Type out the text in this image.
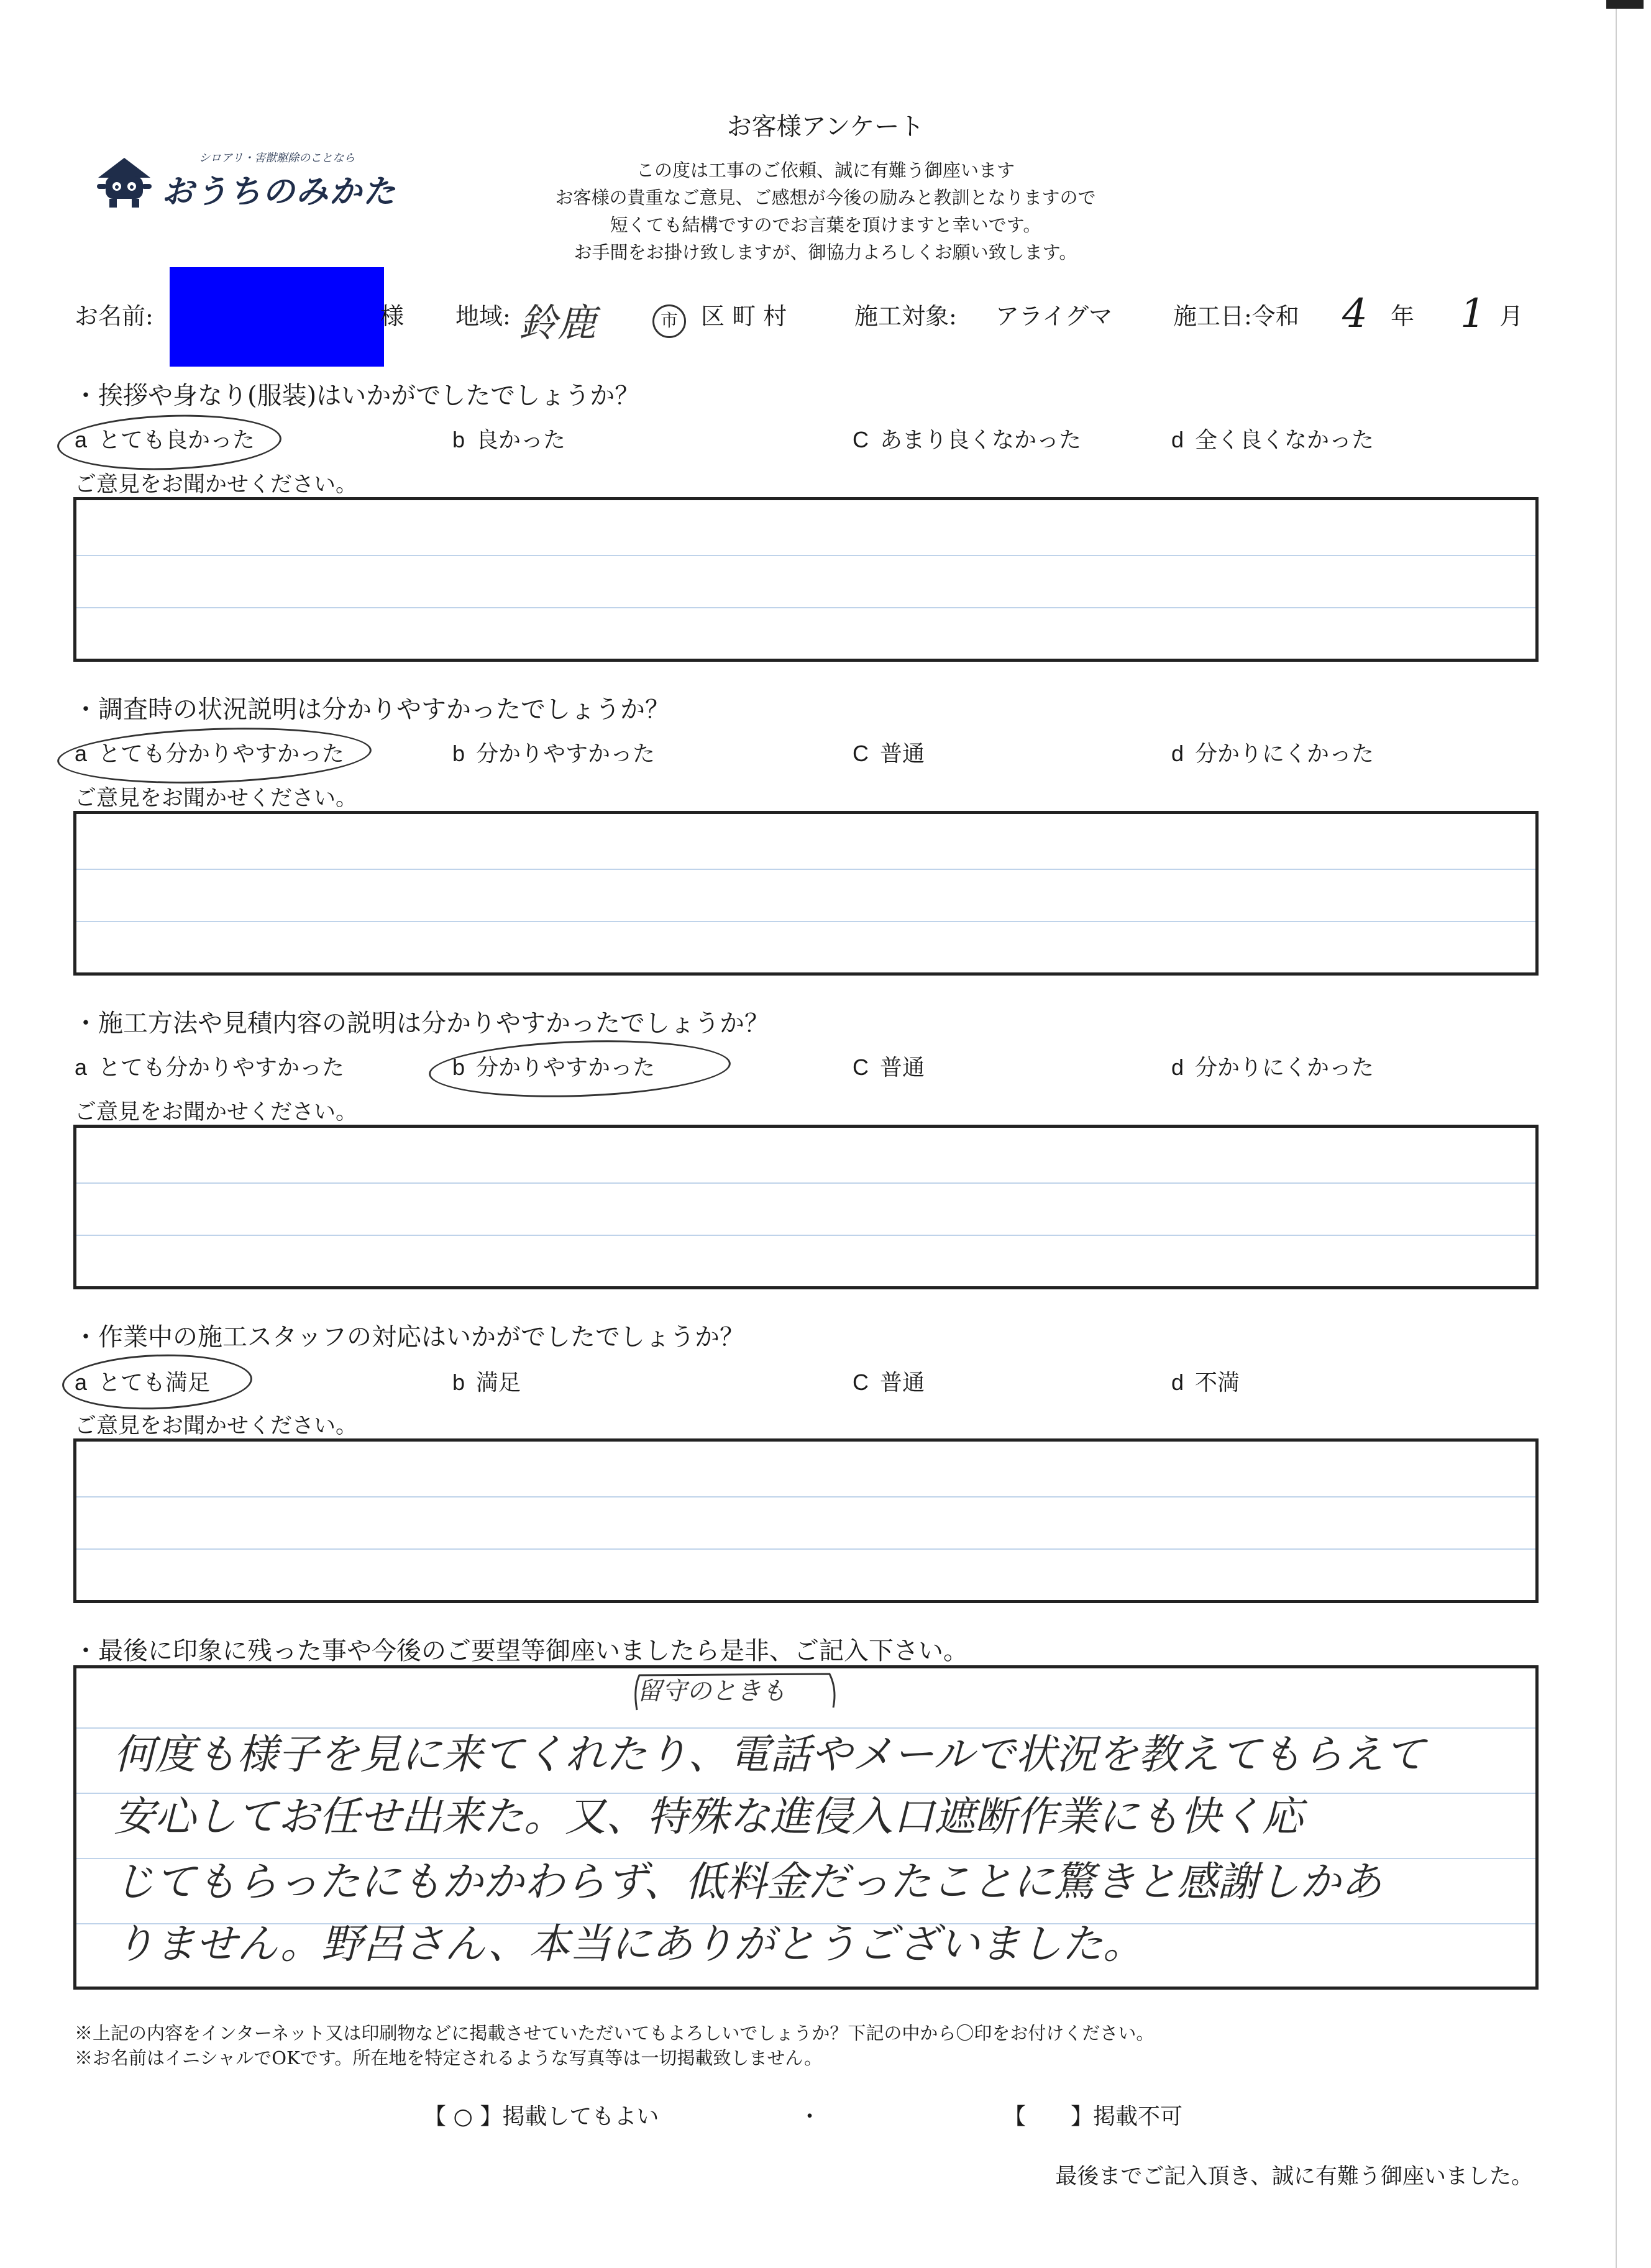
シロアリ・害獣駆除のことなら
おうちのみかた
お客様アンケート
この度は工事のご依頼、誠に有難う御座います
お客様の貴重なご意見、ご感想が今後の励みと教訓となりますので
短くても結構ですのでお言葉を頂けますと幸いです。
お手間をお掛け致しますが、御協力よろしくお願い致します。
お名前:	様 地域: 鈴鹿	市 区 町 村	施工対象: アライグマ	施工日:令和 4 年 1 月
・挨拶や身なり(服装)はいかがでしたでしょうか？
a とても良かった	b 良かった	C あまり良くなかった	d 全く良くなかった
ご意見をお聞かせください。
・調査時の状況説明は分かりやすかったでしょうか？
a とても分かりやすかった	b 分かりやすかった	C 普通	d 分かりにくかった
ご意見をお聞かせください。
・施工方法や見積内容の説明は分かりやすかったでしょうか？
a とても分かりやすかった	b 分かりやすかった	C 普通	d 分かりにくかった
ご意見をお聞かせください。
・作業中の施工スタッフの対応はいかがでしたでしょうか？
a とても満足	b 満足	C 普通	d 不満
ご意見をお聞かせください。
・最後に印象に残った事や今後のご要望等御座いましたら是非、ご記入下さい。
何度も様子を見に来てくれたり、電話やメールで状況を教えてもらえて
安心してお任せ出来た。又、特殊な進侵入口遮断作業にも快く応
じてもらったにもかかわらず、低料金だったことに驚きと感謝しかあ
りません。野呂さん、本当にありがとうございました。
留守のときも
※上記の内容をインターネット又は印刷物などに掲載させていただいてもよろしいでしょうか？下記の中から〇印をお付けください。
※お名前はイニシャルでOKです。所在地を特定されるような写真等は一切掲載致しません。
【 ○ 】掲載してもよい	・	【　　】掲載不可
最後までご記入頂き、誠に有難う御座いました。
